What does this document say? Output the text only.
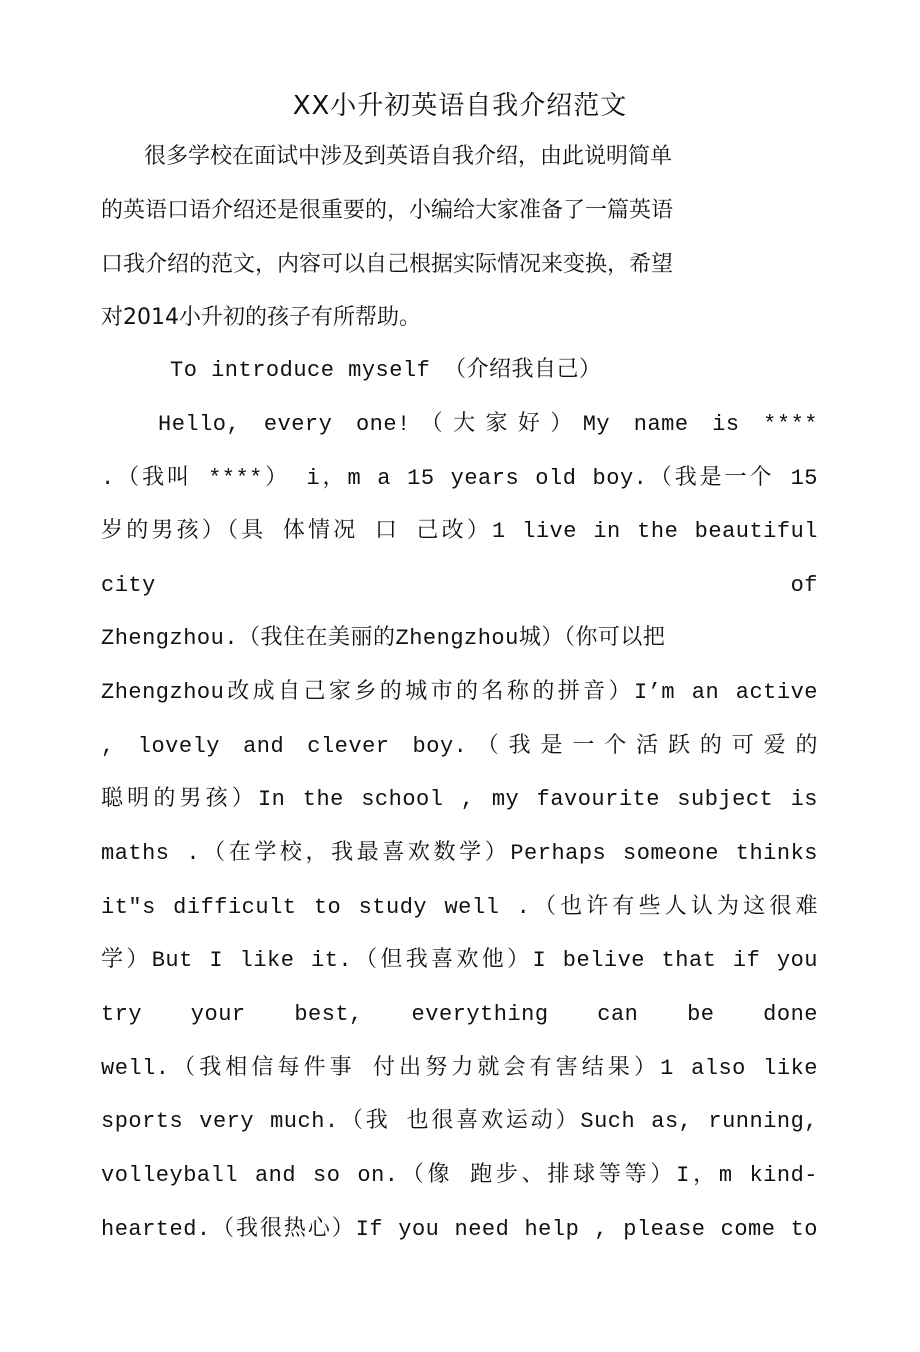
XX小升初英语自我介绍范文
很多学校在面试中涉及到英语自我介绍，由此说明简单
的英语口语介绍还是很重要的，小编给大家准备了一篇英语
口我介绍的范文，内容可以自己根据实际情况来变换，希望
对2014小升初的孩子有所帮助。
To introduce myself （介绍我自己）
Hello, every one!（大家好）My name is ****
.（我叫 ****） i，m a 15 years old boy.（我是一个 15
岁的男孩）（具 体情况 口 己改）1 live in the beautiful
city of
Zhengzhou.（我住在美丽的Zhengzhou城）（你可以把
Zhengzhou改成自己家乡的城市的名称的拼音）I’m an active
, lovely and clever boy.（我是一个活跃的可爱的
聪明的男孩）In the school , my favourite subject is
maths .（在学校，我最喜欢数学）Perhaps someone thinks
it″s difficult to study well .（也许有些人认为这很难
学）But I like it.（但我喜欢他）I belive that if you
try your best, everything can be done
well.（我相信每件事 付出努力就会有害结果）1 also like
sports very much.（我 也很喜欢运动）Such as, running,
volleyball and so on.（像 跑步、排球等等）I，m kind-
hearted.（我很热心）If you need help , please come to
